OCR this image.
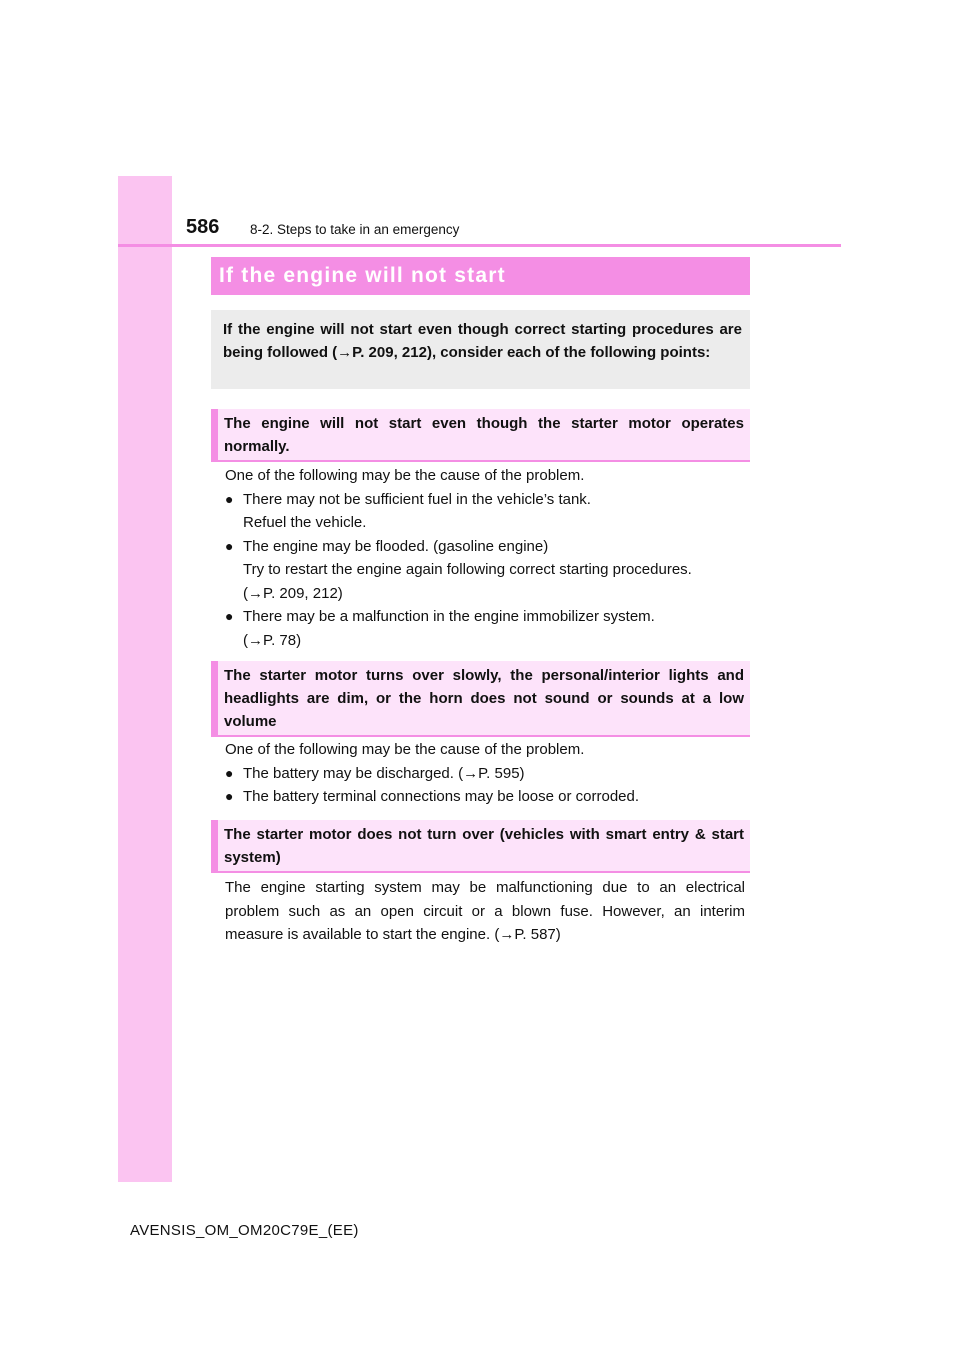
586 8-2. Steps to take in an emergency
If the engine will not start
If the engine will not start even though correct starting procedures are being followed (→P. 209, 212), consider each of the following points:
The engine will not start even though the starter motor operates normally.

One of the following may be the cause of the problem.

● There may not be sufficient fuel in the vehicle’s tank.

Refuel the vehicle.

● The engine may be flooded. (gasoline engine)

Try to restart the engine again following correct starting procedures.

(→P. 209, 212)

● There may be a malfunction in the engine immobilizer system.

(→P. 78)

The starter motor turns over slowly, the personal/interior lights and headlights are dim, or the horn does not sound or sounds at a low volume

One of the following may be the cause of the problem.

● The battery may be discharged. (→P. 595)

● The battery terminal connections may be loose or corroded.

The starter motor does not turn over (vehicles with smart entry & start system)
The engine starting system may be malfunctioning due to an electrical problem such as an open circuit or a blown fuse. However, an interim measure is available to start the engine. (→P. 587)
AVENSIS_OM_OM20C79E_(EE)
